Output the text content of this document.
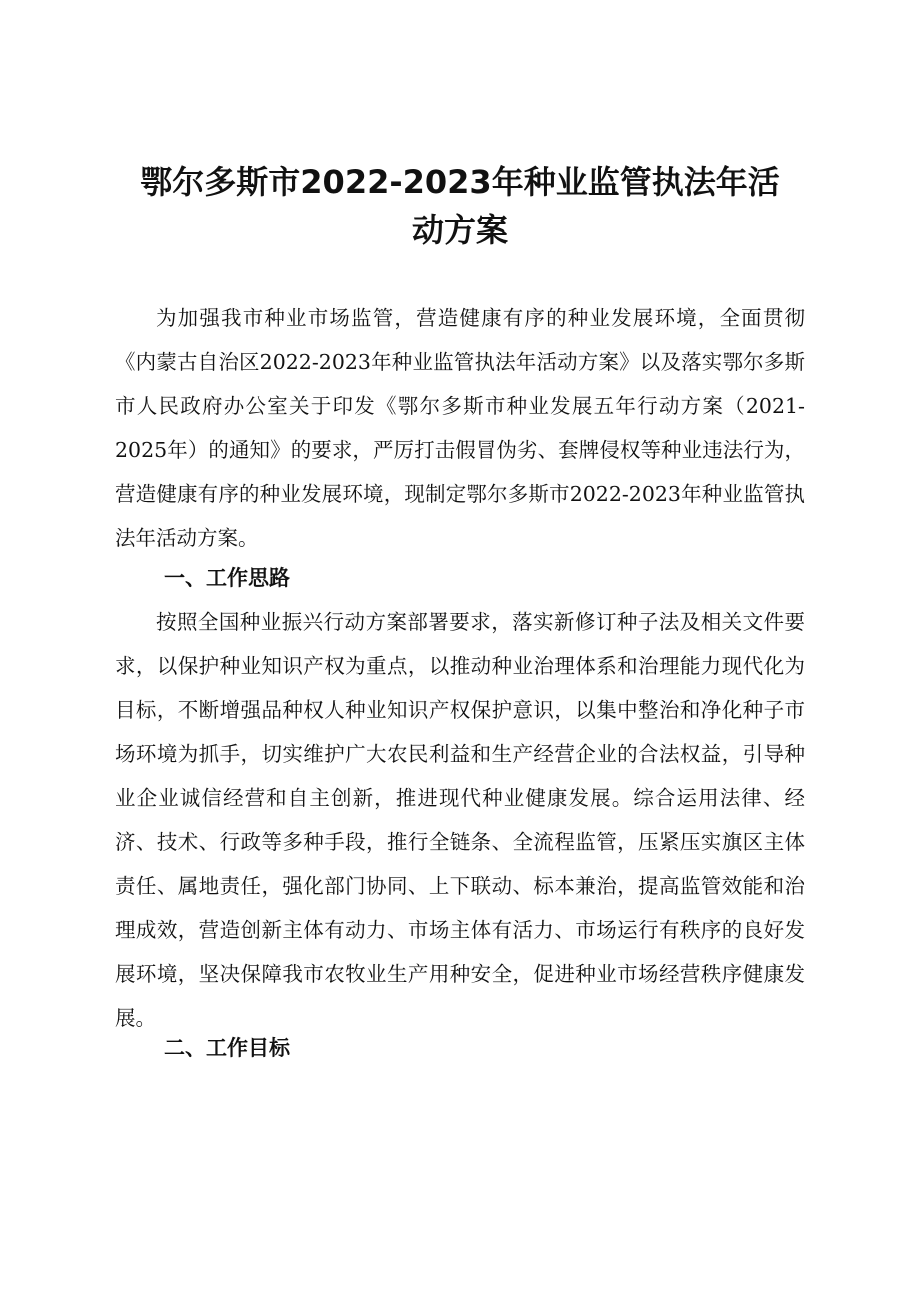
鄂尔多斯市2022-2023年种业监管执法年活
动方案

为加强我市种业市场监管，营造健康有序的种业发展环境，全面贯彻《内蒙古自治区2022-2023年种业监管执法年活动方案》以及落实鄂尔多斯市人民政府办公室关于印发《鄂尔多斯市种业发展五年行动方案（2021-2025年）的通知》的要求，严厉打击假冒伪劣、套牌侵权等种业违法行为，营造健康有序的种业发展环境，现制定鄂尔多斯市2022-2023年种业监管执法年活动方案。

一、工作思路

按照全国种业振兴行动方案部署要求，落实新修订种子法及相关文件要求，以保护种业知识产权为重点，以推动种业治理体系和治理能力现代化为目标，不断增强品种权人种业知识产权保护意识，以集中整治和净化种子市场环境为抓手，切实维护广大农民利益和生产经营企业的合法权益，引导种业企业诚信经营和自主创新，推进现代种业健康发展。综合运用法律、经济、技术、行政等多种手段，推行全链条、全流程监管，压紧压实旗区主体责任、属地责任，强化部门协同、上下联动、标本兼治，提高监管效能和治理成效，营造创新主体有动力、市场主体有活力、市场运行有秩序的良好发展环境，坚决保障我市农牧业生产用种安全，促进种业市场经营秩序健康发展。

二、工作目标
